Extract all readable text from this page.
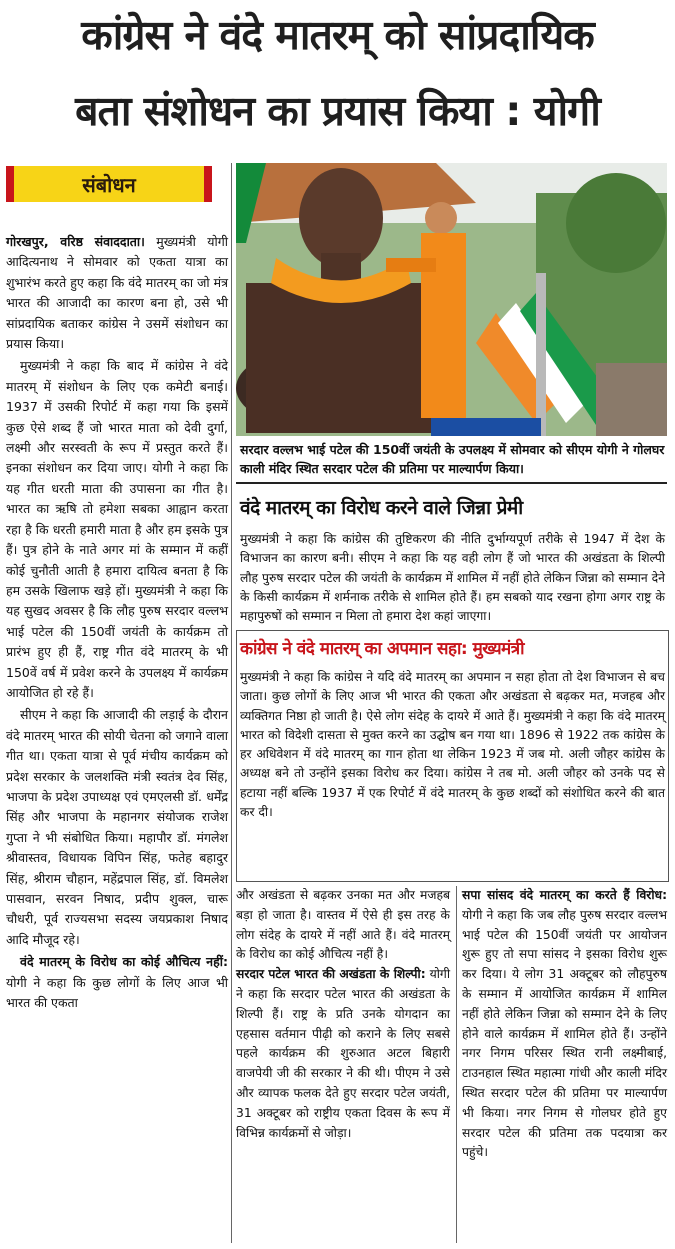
कांग्रेस ने वंदे मातरम् को सांप्रदायिक
बता संशोधन का प्रयास किया : योगी
संबोधन

गोरखपुर, वरिष्ठ संवाददाता। मुख्यमंत्री योगी आदित्यनाथ ने सोमवार को एकता यात्रा का शुभारंभ करते हुए कहा कि वंदे मातरम् का जो मंत्र भारत की आजादी का कारण बना हो, उसे भी सांप्रदायिक बताकर कांग्रेस ने उसमें संशोधन का प्रयास किया।

मुख्यमंत्री ने कहा कि बाद में कांग्रेस ने वंदे मातरम् में संशोधन के लिए एक कमेटी बनाई। 1937 में उसकी रिपोर्ट में कहा गया कि इसमें कुछ ऐसे शब्द हैं जो भारत माता को देवी दुर्गा, लक्ष्मी और सरस्वती के रूप में प्रस्तुत करते हैं। इनका संशोधन कर दिया जाए। योगी ने कहा कि यह गीत धरती माता की उपासना का गीत है। भारत का ऋषि तो हमेशा सबका आह्वान करता रहा है कि धरती हमारी माता है और हम इसके पुत्र हैं। पुत्र होने के नाते अगर मां के सम्मान में कहीं कोई चुनौती आती है हमारा दायित्व बनता है कि हम उसके खिलाफ खड़े हों। मुख्यमंत्री ने कहा कि यह सुखद अवसर है कि लौह पुरुष सरदार वल्लभ भाई पटेल की 150वीं जयंती के कार्यक्रम तो प्रारंभ हुए ही हैं, राष्ट्र गीत वंदे मातरम् के भी 150वें वर्ष में प्रवेश करने के उपलक्ष्य में कार्यक्रम आयोजित हो रहे हैं।

सीएम ने कहा कि आजादी की लड़ाई के दौरान वंदे मातरम् भारत की सोयी चेतना को जगाने वाला गीत था। एकता यात्रा से पूर्व मंचीय कार्यक्रम को प्रदेश सरकार के जलशक्ति मंत्री स्वतंत्र देव सिंह, भाजपा के प्रदेश उपाध्यक्ष एवं एमएलसी डॉ. धर्मेंद्र सिंह और भाजपा के महानगर संयोजक राजेश गुप्ता ने भी संबोधित किया। महापौर डॉ. मंगलेश श्रीवास्तव, विधायक विपिन सिंह, फतेह बहादुर सिंह, श्रीराम चौहान, महेंद्रपाल सिंह, डॉ. विमलेश पासवान, सरवन निषाद, प्रदीप शुक्ल, चारू चौधरी, पूर्व राज्यसभा सदस्य जयप्रकाश निषाद आदि मौजूद रहे।

वंदे मातरम् के विरोध का कोई औचित्य नहीं: योगी ने कहा कि कुछ लोगों के लिए आज भी भारत की एकता

सरदार वल्लभ भाई पटेल की 150वीं जयंती के उपलक्ष्य में सोमवार को सीएम योगी ने गोलघर काली मंदिर स्थित सरदार पटेल की प्रतिमा पर माल्यार्पण किया।
वंदे मातरम् का विरोध करने वाले जिन्ना प्रेमी
मुख्यमंत्री ने कहा कि कांग्रेस की तुष्टिकरण की नीति दुर्भाग्यपूर्ण तरीके से 1947 में देश के विभाजन का कारण बनी। सीएम ने कहा कि यह वही लोग हैं जो भारत की अखंडता के शिल्पी लौह पुरुष सरदार पटेल की जयंती के कार्यक्रम में शामिल में नहीं होते लेकिन जिन्ना को सम्मान देने के किसी कार्यक्रम में शर्मनाक तरीके से शामिल होते हैं। हम सबको याद रखना होगा अगर राष्ट्र के महापुरुषों को सम्मान न मिला तो हमारा देश कहां जाएगा।
कांग्रेस ने वंदे मातरम् का अपमान सहा: मुख्यमंत्री
मुख्यमंत्री ने कहा कि कांग्रेस ने यदि वंदे मातरम् का अपमान न सहा होता तो देश विभाजन से बच जाता। कुछ लोगों के लिए आज भी भारत की एकता और अखंडता से बढ़कर मत, मजहब और व्यक्तिगत निष्ठा हो जाती है। ऐसे लोग संदेह के दायरे में आते हैं। मुख्यमंत्री ने कहा कि वंदे मातरम् भारत को विदेशी दासता से मुक्त करने का उद्घोष बन गया था। 1896 से 1922 तक कांग्रेस के हर अधिवेशन में वंदे मातरम् का गान होता था लेकिन 1923 में जब मो. अली जौहर कांग्रेस के अध्यक्ष बने तो उन्होंने इसका विरोध कर दिया। कांग्रेस ने तब मो. अली जौहर को उनके पद से हटाया नहीं बल्कि 1937 में एक रिपोर्ट में वंदे मातरम् के कुछ शब्दों को संशोधित करने की बात कर दी।

और अखंडता से बढ़कर उनका मत और मजहब बड़ा हो जाता है। वास्तव में ऐसे ही इस तरह के लोग संदेह के दायरे में नहीं आते हैं। वंदे मातरम् के विरोध का कोई औचित्य नहीं है।

सरदार पटेल भारत की अखंडता के शिल्पी: योगी ने कहा कि सरदार पटेल भारत की अखंडता के शिल्पी हैं। राष्ट्र के प्रति उनके योगदान का एहसास वर्तमान पीढ़ी को कराने के लिए सबसे पहले कार्यक्रम की शुरुआत अटल बिहारी वाजपेयी जी की सरकार ने की थी। पीएम ने उसे और व्यापक फलक देते हुए सरदार पटेल जयंती, 31 अक्टूबर को राष्ट्रीय एकता दिवस के रूप में विभिन्न कार्यक्रमों से जोड़ा।

सपा सांसद वंदे मातरम् का करते हैं विरोध: योगी ने कहा कि जब लौह पुरुष सरदार वल्लभ भाई पटेल की 150वीं जयंती पर आयोजन शुरू हुए तो सपा सांसद ने इसका विरोध शुरू कर दिया। ये लोग 31 अक्टूबर को लौहपुरुष के सम्मान में आयोजित कार्यक्रम में शामिल नहीं होते लेकिन जिन्ना को सम्मान देने के लिए होने वाले कार्यक्रम में शामिल होते हैं। उन्होंने नगर निगम परिसर स्थित रानी लक्ष्मीबाई, टाउनहाल स्थित महात्मा गांधी और काली मंदिर स्थित सरदार पटेल की प्रतिमा पर माल्यार्पण भी किया। नगर निगम से गोलघर होते हुए सरदार पटेल की प्रतिमा तक पदयात्रा कर पहुंचे।
